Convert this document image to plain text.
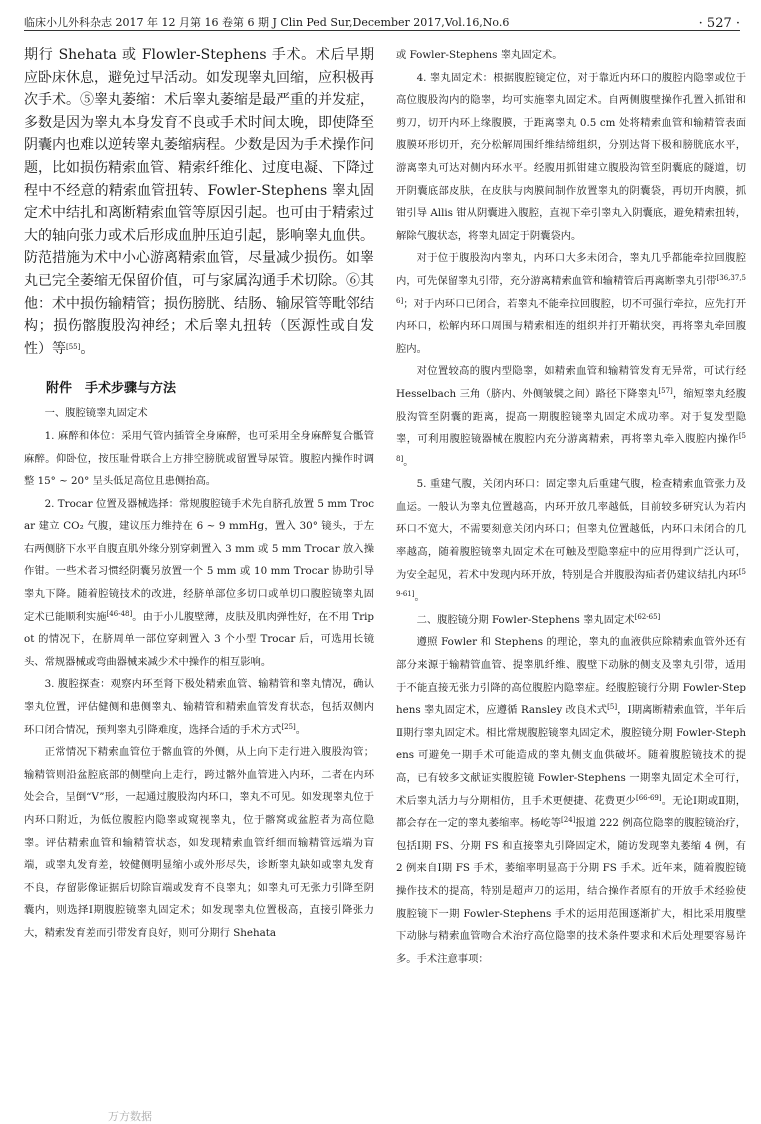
临床小儿外科杂志 2017 年 12 月第 16 卷第 6 期 J Clin Ped Sur,December 2017,Vol.16,No.6	· 527 ·

期行 Shehata 或 Flowler-Stephens 手术。术后早期应卧床休息，避免过早活动。如发现睾丸回缩，应积极再次手术。⑤睾丸萎缩：术后睾丸萎缩是最严重的并发症，多数是因为睾丸本身发育不良或手术时间太晚，即使降至阴囊内也难以逆转睾丸萎缩病程。少数是因为手术操作问题，比如损伤精索血管、精索纤维化、过度电凝、下降过程中不经意的精索血管扭转、Fowler-Stephens 睾丸固定术中结扎和离断精索血管等原因引起。也可由于精索过大的轴向张力或术后形成血肿压迫引起，影响睾丸血供。防范措施为术中小心游离精索血管，尽量减少损伤。如睾丸已完全萎缩无保留价值，可与家属沟通手术切除。⑥其他：术中损伤输精管；损伤膀胱、结肠、输尿管等毗邻结构；损伤髂腹股沟神经；术后睾丸扭转（医源性或自发性）等[55]。

附件　手术步骤与方法
一、腹腔镜睾丸固定术

1. 麻醉和体位：采用气管内插管全身麻醉，也可采用全身麻醉复合骶管麻醉。仰卧位，按压耻骨联合上方排空膀胱或留置导尿管。腹腔内操作时调整 15° ~ 20° 呈头低足高位且患侧抬高。

2. Trocar 位置及器械选择：常规腹腔镜手术先自脐孔放置 5 mm Trocar 建立 CO₂ 气腹，建议压力维持在 6 ~ 9 mmHg，置入 30° 镜头，于左右两侧脐下水平自腹直肌外缘分别穿刺置入 3 mm 或 5 mm Trocar 放入操作钳。一些术者习惯经阴囊另放置一个 5 mm 或 10 mm Trocar 协助引导睾丸下降。随着腔镜技术的改进，经脐单部位多切口或单切口腹腔镜睾丸固定术已能顺利实施[46-48]。由于小儿腹壁薄，皮肤及肌肉弹性好，在不用 Tripot 的情况下，在脐周单一部位穿刺置入 3 个小型 Trocar 后，可选用长镜头、常规器械或弯曲器械来减少术中操作的相互影响。

3. 腹腔探查：观察内环至肾下极处精索血管、输精管和睾丸情况，确认睾丸位置，评估健侧和患侧睾丸、输精管和精索血管发育状态，包括双侧内环口闭合情况，预判睾丸引降难度，选择合适的手术方式[25]。

正常情况下精索血管位于髂血管的外侧，从上向下走行进入腹股沟管；输精管则沿盆腔底部的侧壁向上走行，跨过髂外血管进入内环，二者在内环处会合，呈倒“V”形，一起通过腹股沟内环口，睾丸不可见。如发现睾丸位于内环口附近，为低位腹腔内隐睾或窥视睾丸，位于髂窝或盆腔者为高位隐睾。评估精索血管和输精管状态，如发现精索血管纤细而输精管远端为盲端，或睾丸发育差，较健侧明显缩小或外形尽失，诊断睾丸缺如或睾丸发育不良，存留影像证据后切除盲端或发育不良睾丸；如睾丸可无张力引降至阴囊内，则选择Ⅰ期腹腔镜睾丸固定术；如发现睾丸位置极高，直接引降张力大，精索发育差而引带发育良好，则可分期行 Shehata

或 Fowler-Stephens 睾丸固定术。

4. 睾丸固定术：根据腹腔镜定位，对于靠近内环口的腹腔内隐睾或位于高位腹股沟内的隐睾，均可实施睾丸固定术。自两侧腹壁操作孔置入抓钳和剪刀，切开内环上缘腹膜，于距离睾丸 0.5 cm 处将精索血管和输精管表面腹膜环形切开，充分松解周围纤维结缔组织，分别达肾下极和膀胱底水平，游离睾丸可达对侧内环水平。经腹用抓钳建立腹股沟管至阴囊底的隧道，切开阴囊底部皮肤，在皮肤与肉膜间制作放置睾丸的阴囊袋，再切开肉膜，抓钳引导 Allis 钳从阴囊进入腹腔，直视下牵引睾丸入阴囊底，避免精索扭转，解除气腹状态，将睾丸固定于阴囊袋内。

对于位于腹股沟内睾丸，内环口大多未闭合，睾丸几乎都能牵拉回腹腔内，可先保留睾丸引带，充分游离精索血管和输精管后再离断睾丸引带[36,37,56]；对于内环口已闭合，若睾丸不能牵拉回腹腔，切不可强行牵拉，应先打开内环口，松解内环口周围与精索相连的组织并打开鞘状突，再将睾丸牵回腹腔内。

对位置较高的腹内型隐睾，如精索血管和输精管发育无异常，可试行经 Hesselbach 三角（脐内、外侧皱襞之间）路径下降睾丸[57]，缩短睾丸经腹股沟管至阴囊的距离，提高一期腹腔镜睾丸固定术成功率。对于复发型隐睾，可利用腹腔镜器械在腹腔内充分游离精索，再将睾丸牵入腹腔内操作[58]。

5. 重建气腹，关闭内环口：固定睾丸后重建气腹，检查精索血管张力及血运。一般认为睾丸位置越高，内环开放几率越低，目前较多研究认为若内环口不宽大，不需要刻意关闭内环口；但睾丸位置越低，内环口未闭合的几率越高，随着腹腔镜睾丸固定术在可触及型隐睾症中的应用得到广泛认可，为安全起见，若术中发现内环开放，特别是合并腹股沟疝者仍建议结扎内环[59-61]。

二、腹腔镜分期 Fowler-Stephens 睾丸固定术[62-65]

遵照 Fowler 和 Stephens 的理论，睾丸的血液供应除精索血管外还有部分来源于输精管血管、提睾肌纤维、腹壁下动脉的侧支及睾丸引带，适用于不能直接无张力引降的高位腹腔内隐睾症。经腹腔镜行分期 Fowler-Stephens 睾丸固定术，应遵循 Ransley 改良术式[5]，Ⅰ期离断精索血管，半年后Ⅱ期行睾丸固定术。相比常规腹腔镜睾丸固定术，腹腔镜分期 Fowler-Stephens 可避免一期手术可能造成的睾丸侧支血供破坏。随着腹腔镜技术的提高，已有较多文献证实腹腔镜 Fowler-Stephens 一期睾丸固定术全可行，术后睾丸活力与分期相仿，且手术更便捷、花费更少[66-69]。无论Ⅰ期或Ⅱ期，都会存在一定的睾丸萎缩率。杨屹等[24]报道 222 例高位隐睾的腹腔镜治疗，包括Ⅰ期 FS、分期 FS 和直接睾丸引降固定术，随访发现睾丸萎缩 4 例，有 2 例来自Ⅰ期 FS 手术，萎缩率明显高于分期 FS 手术。近年来，随着腹腔镜操作技术的提高，特别是超声刀的运用，结合操作者原有的开放手术经验使腹腔镜下一期 Fowler-Stephens 手术的运用范围逐渐扩大，相比采用腹壁下动脉与精索血管吻合术治疗高位隐睾的技术条件要求和术后处理要容易许多。手术注意事项：

万方数据
